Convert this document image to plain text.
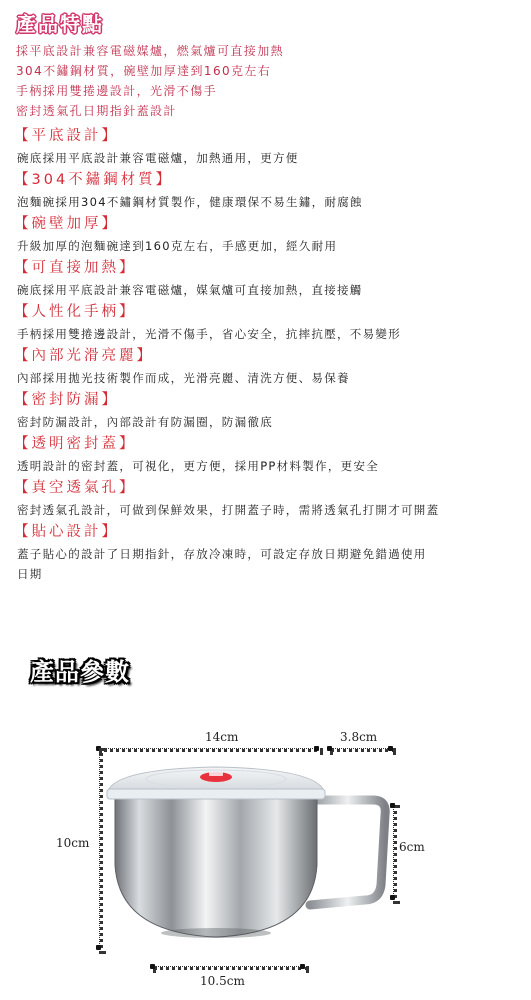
產品特點
採平底設計兼容電磁媒爐，燃氣爐可直接加熱
304不鏽鋼材質，碗壁加厚達到160克左右
手柄採用雙捲邊設計，光滑不傷手
密封透氣孔日期指針蓋設計
【平底設計】
碗底採用平底設計兼容電磁爐，加熱通用，更方便
【304不鏽鋼材質】
泡麵碗採用304不鏽鋼材質製作，健康環保不易生鏽，耐腐蝕
【碗壁加厚】
升級加厚的泡麵碗達到160克左右，手感更加，經久耐用
【可直接加熱】
碗底採用平底設計兼容電磁爐，媒氣爐可直接加熱，直接接觸
【人性化手柄】
手柄採用雙捲邊設計，光滑不傷手，省心安全，抗摔抗壓，不易變形
【內部光滑亮麗】
內部採用拋光技術製作而成，光滑亮麗、清洗方便、易保養
【密封防漏】
密封防漏設計，內部設計有防漏圈，防漏徹底
【透明密封蓋】
透明設計的密封蓋，可視化，更方便，採用PP材料製作，更安全
【真空透氣孔】
密封透氣孔設計，可做到保鮮效果，打開蓋子時，需將透氣孔打開才可開蓋
【貼心設計】
蓋子貼心的設計了日期指針，存放冷凍時，可設定存放日期避免錯過使用日期
產品參數
14cm	3.8cm
10cm	6cm
10.5cm
